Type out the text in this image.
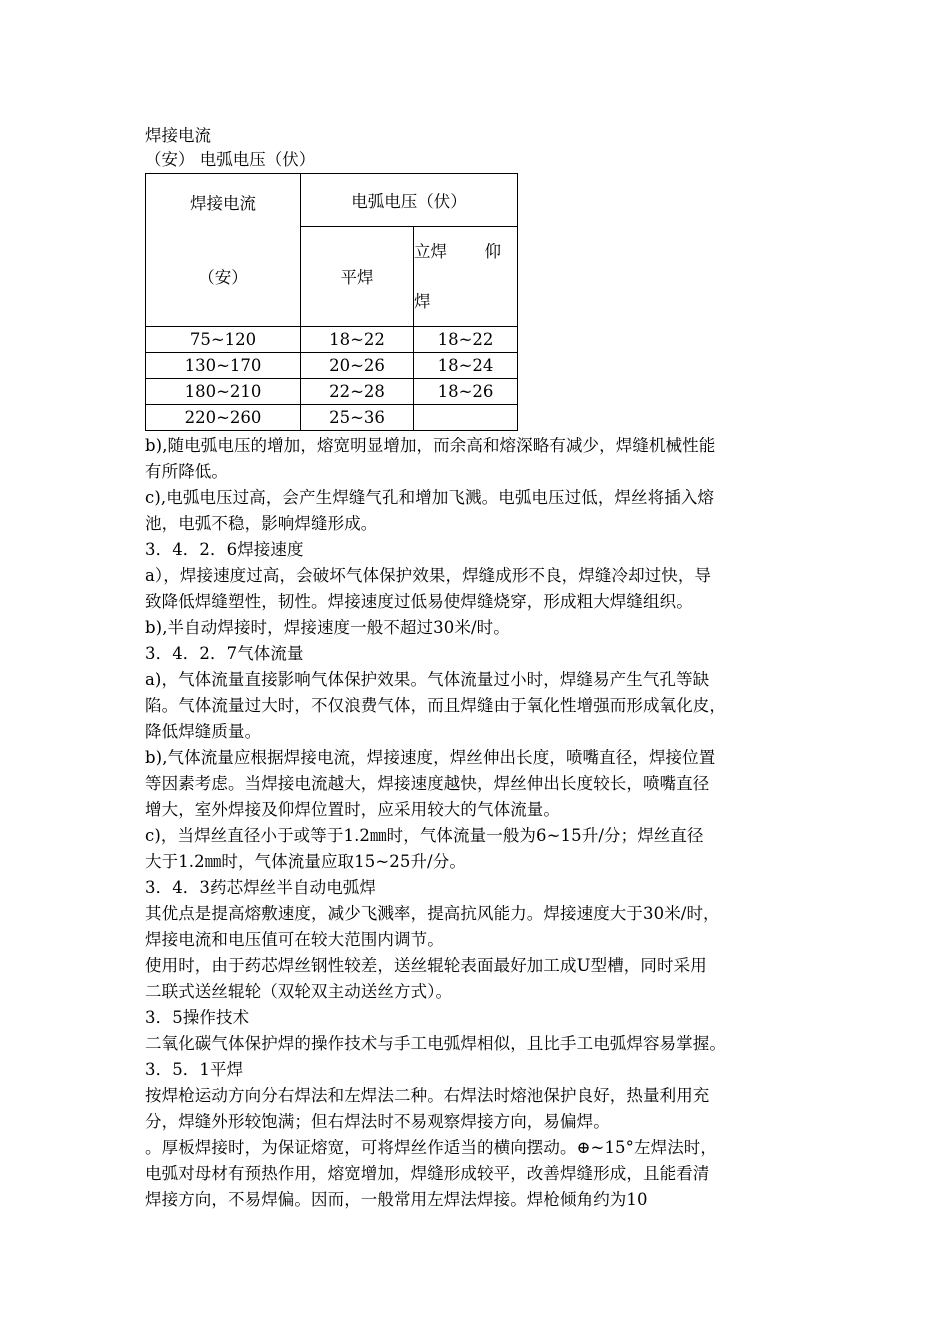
焊接电流

（安） 电弧电压（伏）

焊接电流
（安）	电弧电压（伏）	
	平焊	立焊 仰
焊

75~120	18~22	18~22
130~170	20~26	18~24
180~210	22~28	18~26
220~260	25~36	

b),随电弧电压的增加，熔宽明显增加，而余高和熔深略有减少，焊缝机械性能

有所降低。

c),电弧电压过高，会产生焊缝气孔和增加飞溅。电弧电压过低，焊丝将插入熔

池，电弧不稳，影响焊缝形成。

3．4．2．6焊接速度

a），焊接速度过高，会破坏气体保护效果，焊缝成形不良，焊缝冷却过快，导

致降低焊缝塑性，韧性。焊接速度过低易使焊缝烧穿，形成粗大焊缝组织。

b),半自动焊接时，焊接速度一般不超过30米/时。

3．4．2．7气体流量

a)，气体流量直接影响气体保护效果。气体流量过小时，焊缝易产生气孔等缺

陷。气体流量过大时，不仅浪费气体，而且焊缝由于氧化性增强而形成氧化皮，

降低焊缝质量。

b),气体流量应根据焊接电流，焊接速度，焊丝伸出长度，喷嘴直径，焊接位置

等因素考虑。当焊接电流越大，焊接速度越快，焊丝伸出长度较长，喷嘴直径

增大，室外焊接及仰焊位置时，应采用较大的气体流量。

c)，当焊丝直径小于或等于1.2㎜时，气体流量一般为6~15升/分；焊丝直径

大于1.2㎜时，气体流量应取15~25升/分。

3．4．3药芯焊丝半自动电弧焊

其优点是提高熔敷速度，减少飞溅率，提高抗风能力。焊接速度大于30米/时，

焊接电流和电压值可在较大范围内调节。

使用时，由于药芯焊丝钢性较差，送丝辊轮表面最好加工成U型槽，同时采用

二联式送丝辊轮（双轮双主动送丝方式）。

3．5操作技术

二氧化碳气体保护焊的操作技术与手工电弧焊相似，且比手工电弧焊容易掌握。

3．5．1平焊

按焊枪运动方向分右焊法和左焊法二种。右焊法时熔池保护良好，热量利用充

分，焊缝外形较饱满；但右焊法时不易观察焊接方向，易偏焊。

。厚板焊接时，为保证熔宽，可将焊丝作适当的横向摆动。⊕~15°左焊法时，

电弧对母材有预热作用，熔宽增加，焊缝形成较平，改善焊缝形成，且能看清

焊接方向，不易焊偏。因而，一般常用左焊法焊接。焊枪倾角约为10
